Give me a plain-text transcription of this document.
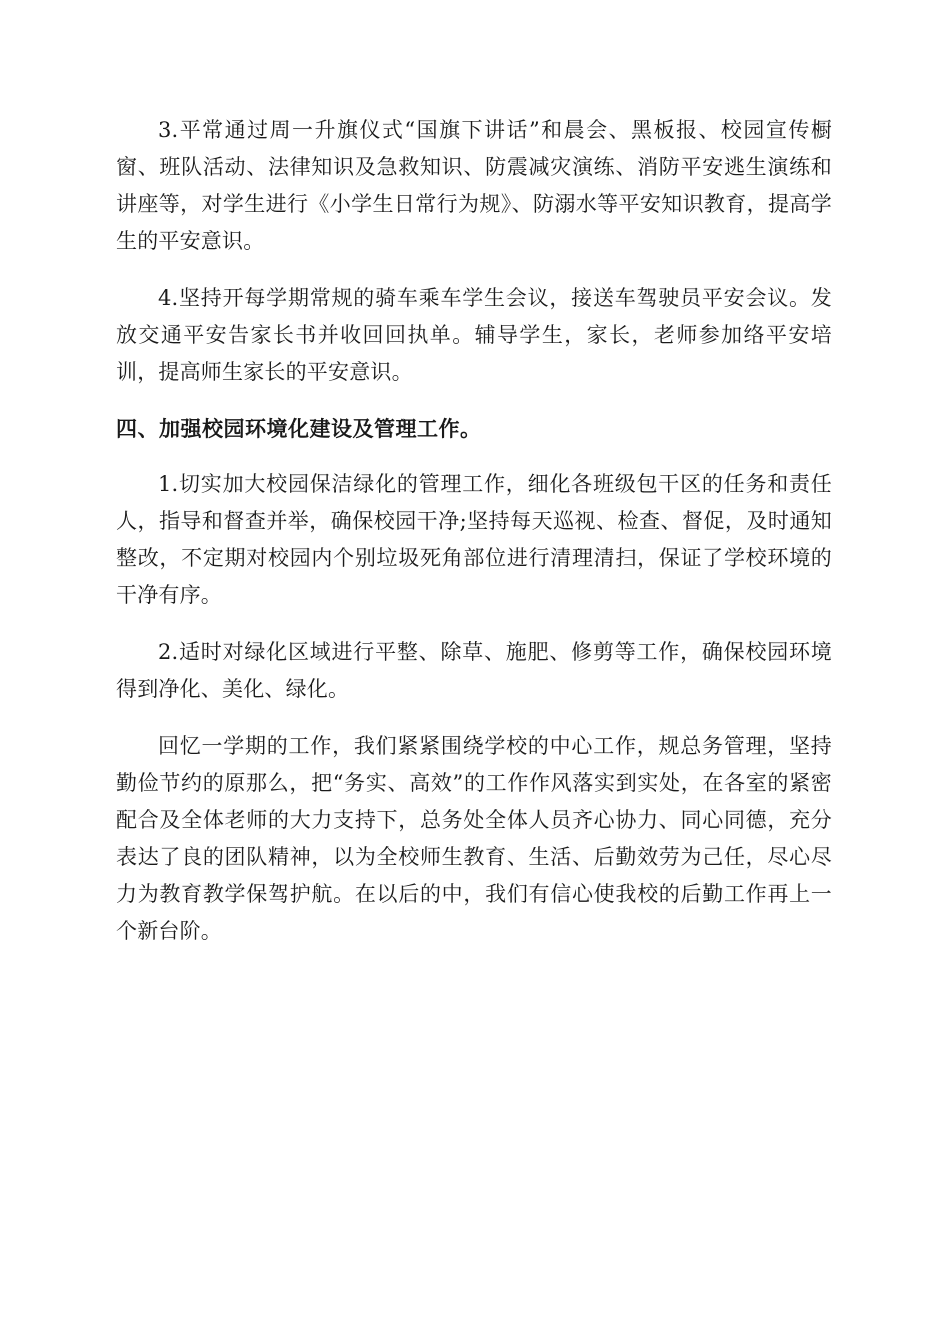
3.平常通过周一升旗仪式“国旗下讲话”和晨会、黑板报、校园宣传橱窗、班队活动、法律知识及急救知识、防震减灾演练、消防平安逃生演练和讲座等，对学生进行《小学生日常行为规》、防溺水等平安知识教育，提高学生的平安意识。

4.坚持开每学期常规的骑车乘车学生会议，接送车驾驶员平安会议。发放交通平安告家长书并收回回执单。辅导学生，家长，老师参加络平安培训，提高师生家长的平安意识。

四、加强校园环境化建设及管理工作。

1.切实加大校园保洁绿化的管理工作，细化各班级包干区的任务和责任人，指导和督查并举，确保校园干净;坚持每天巡视、检查、督促，及时通知整改，不定期对校园内个别垃圾死角部位进行清理清扫，保证了学校环境的干净有序。

2.适时对绿化区域进行平整、除草、施肥、修剪等工作，确保校园环境得到净化、美化、绿化。

回忆一学期的工作，我们紧紧围绕学校的中心工作，规总务管理，坚持勤俭节约的原那么，把“务实、高效”的工作作风落实到实处，在各室的紧密配合及全体老师的大力支持下，总务处全体人员齐心协力、同心同德，充分表达了良的团队精神，以为全校师生教育、生活、后勤效劳为己任，尽心尽力为教育教学保驾护航。在以后的中，我们有信心使我校的后勤工作再上一个新台阶。
